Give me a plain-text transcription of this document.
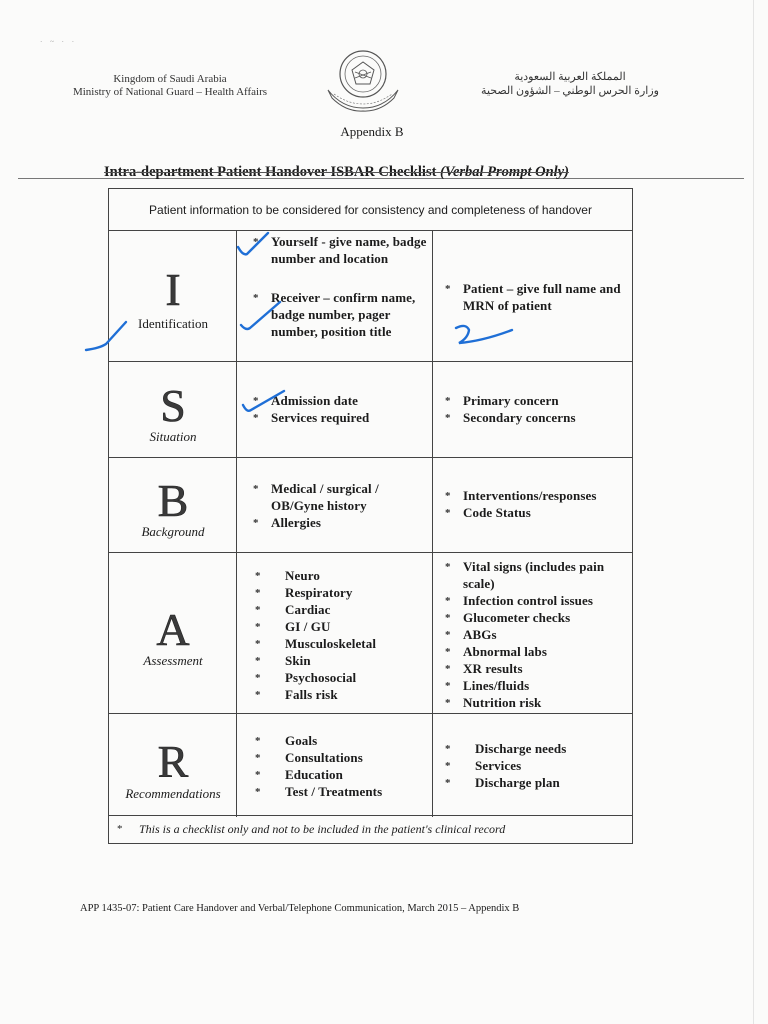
· ~ · ·
Kingdom of Saudi Arabia
Ministry of National Guard – Health Affairs
المملكة العربية السعودية
وزارة الحرس الوطني – الشؤون الصحية
Appendix B
Intra-department Patient Handover ISBAR Checklist (Verbal Prompt Only)
Patient information to be considered for consistency and completeness of handover
I
Identification
* Yourself - give name, badge number and location
* Receiver – confirm name, badge number, pager number, position title
* Patient – give full name and MRN of patient
S
Situation
* Admission date
* Services required
* Primary concern
* Secondary concerns
B
Background
* Medical / surgical / OB/Gyne history
* Allergies
* Interventions/responses
* Code Status
A
Assessment
* Neuro
* Respiratory
* Cardiac
* GI / GU
* Musculoskeletal
* Skin
* Psychosocial
* Falls risk
* Vital signs (includes pain scale)
* Infection control issues
* Glucometer checks
* ABGs
* Abnormal labs
* XR results
* Lines/fluids
* Nutrition risk
R
Recommendations
* Goals
* Consultations
* Education
* Test / Treatments
* Discharge needs
* Services
* Discharge plan
* This is a checklist only and not to be included in the patient's clinical record
APP 1435-07: Patient Care Handover and Verbal/Telephone Communication, March 2015 – Appendix B
